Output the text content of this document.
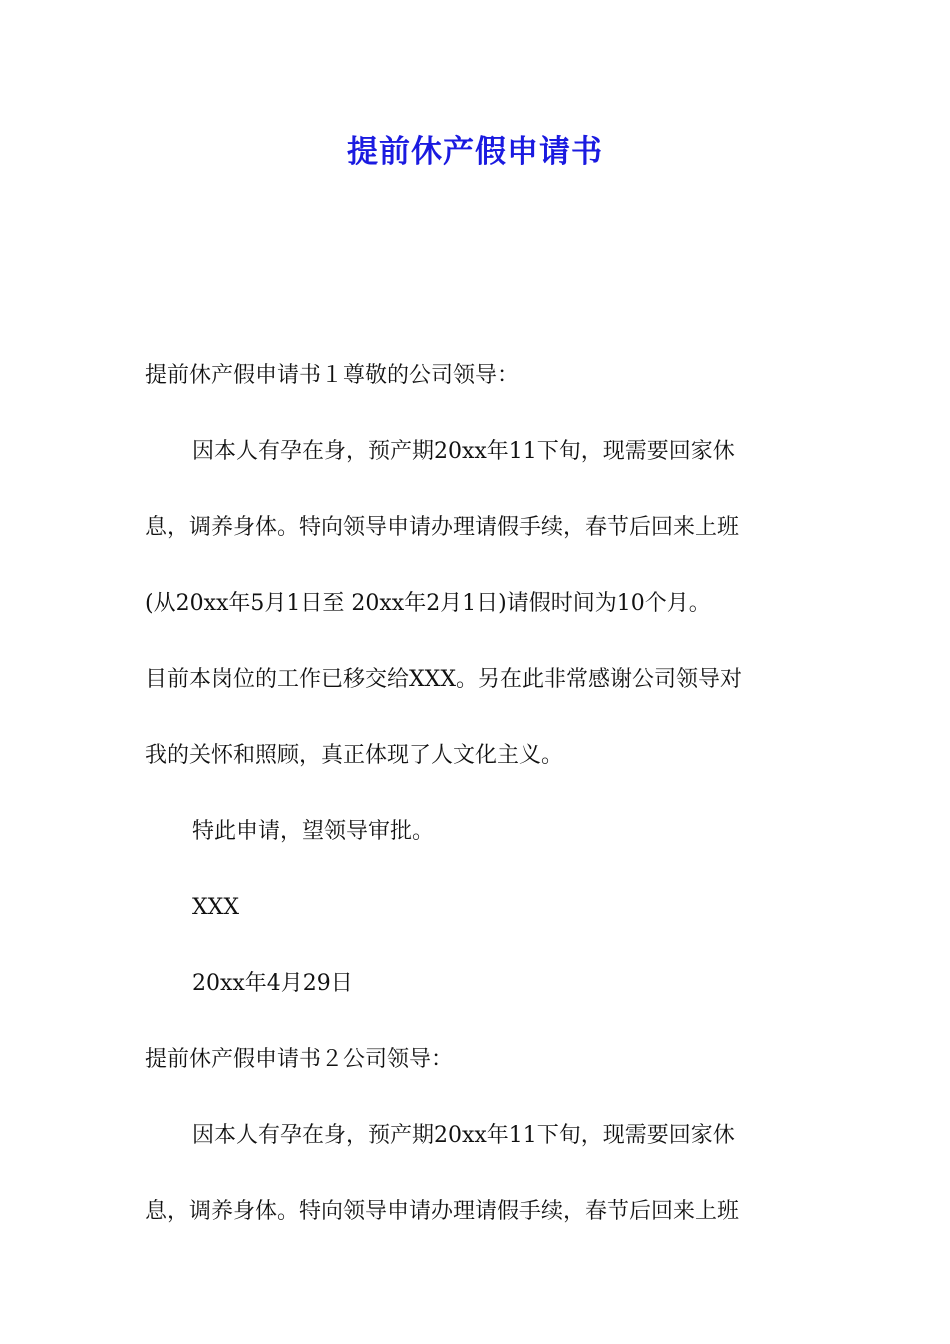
提前休产假申请书
提前休产假申请书１尊敬的公司领导：
因本人有孕在身，预产期20xx年11下旬，现需要回家休
息，调养身体。特向领导申请办理请假手续，春节后回来上班
(从20xx年5月1日至 20xx年2月1日)请假时间为10个月。
目前本岗位的工作已移交给XXX。另在此非常感谢公司领导对
我的关怀和照顾，真正体现了人文化主义。
特此申请，望领导审批。
XXX
20xx年4月29日
提前休产假申请书２公司领导：
因本人有孕在身，预产期20xx年11下旬，现需要回家休
息，调养身体。特向领导申请办理请假手续，春节后回来上班
